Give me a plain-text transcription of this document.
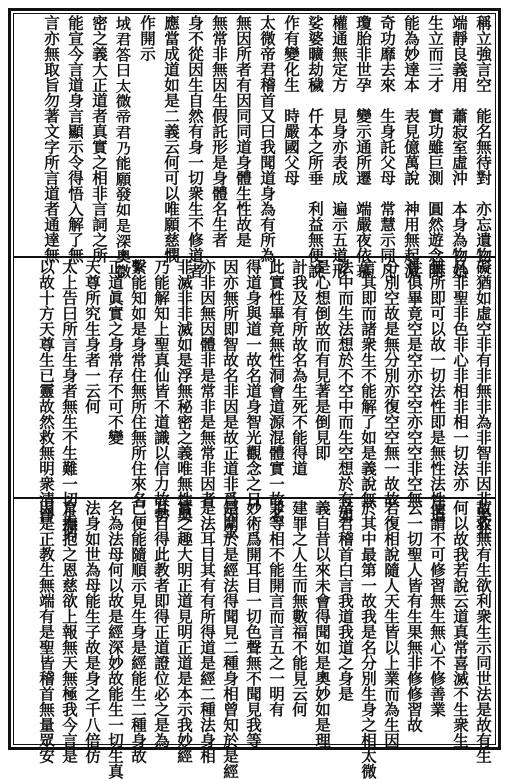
稱立強言空　能名無待對　亦忘遺物
端靜良義用　蕭寂室虛沖　本身為物始
生立而三才　實功雖巨測　圓然遊念開
能為妙達本　表見億萬說　神用無起滅
奇功靡去來　生身託父母　常慧示同凡
瓊胎非世孕　變示通所遷　端嚴夜依慕
權通無定方　見身亦表成　遍示五道形
娑婆曠劫穢　仟本之所垂　利益無便說
作有變化生　時嚴國父母
太微帝君稽首又曰我聞道身為有所為
無因所者有因同同道身體生性故是
無常非無因生假託形是身體名生者
身不從因生自然有身一切衆生不修道者
應當成道如是二義云何可以唯願慈憫
作開示
𡊸君答曰太微帝君乃能願發如是深奧微
密之義大正道者真實之相非言詞之所
能宣今言道身言顯示令得悟入解了無
言亦無取旨勿著文字所言道者通達無
礙猶如虛空非有非無非為非智非因非果非
凡非聖非色非心非相非相一切法亦
無所即可以故一切法性即是無性法性道
性俱畢竟空是空亦空空亦空空非空無
分別空故是無分別亦復空空無一故故
言其即而諸衆生不能解了如是義說無
法中而生法想於不空中而生空想於有如
是心想倒故而有見著是倒見即
計我及有所故名為生死不能得道
此實性畢竟無性洞會道源混體實一故名
得道身與道一故名道身智光觀念之日
因亦無所即智故名非因是故正道非爲因生
亦非因無因體非是常非是無常非因者
非滅非非滅如是浮無秘密之義唯無性與
乃能解知上聖真仙皆不道識以信力故勢
繫能知如是身常住無所住無所住來名
正道眞實之身常存不可不變
天尊所究生身者一云何
太上告曰所言生身者無生不生難一切生何
以故十方天尊生已靈故然救無明衆清淨
故救無有生欲利衆生示同世法是故有生
何以故我若說云道真常喜滅不生衆生
便謂不可修習無生無心不修善業
云一切聖人皆有生果無非修修習故
若復相說隨人天生皆以上業而為生因
於其中最第一故我是名分別生身之相太微
帝君稽首白言我道我道之身是
義自昔以來未會得聞如是奧妙如是理
建罪之人生而無數福不能見云何
罪等相不能開言而言五之一明有
妙術爲開耳目一切色聲無不聞見我等
是開於是經法得聞見二種身相曾知於是經
是法耳目其有有所得道是經二種法身相
實之趣大明正道見明正道是本示我妙經
耳目得此教者即得正道證位必之是為
已便能隨順示見生身是經能生二種身故
名為法母何以故是經深妙故能生一切生真
法身如世為母能生子故是身之千八倍仿
育撫抱之恩慈欲上報無天無極我今言是
因是正教生無端有是聖皆稽首無量眾安
